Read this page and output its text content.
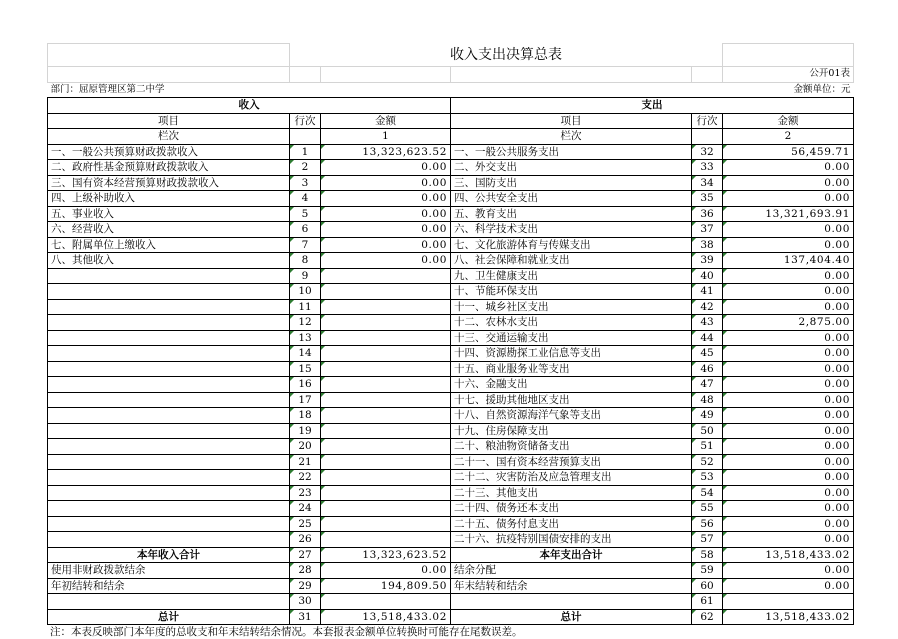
	收入支出决算总表				
					公开01表
部门：屈原管理区第二中学					金额单位：元
收入			支出		
项目	行次	金额	项目	行次	金额
栏次		1	栏次		2
一、一般公共预算财政拨款收入	1	13,323,623.52	一、一般公共服务支出	32	56,459.71
二、政府性基金预算财政拨款收入	2	0.00	二、外交支出	33	0.00
三、国有资本经营预算财政拨款收入	3	0.00	三、国防支出	34	0.00
四、上级补助收入	4	0.00	四、公共安全支出	35	0.00
五、事业收入	5	0.00	五、教育支出	36	13,321,693.91
六、经营收入	6	0.00	六、科学技术支出	37	0.00
七、附属单位上缴收入	7	0.00	七、文化旅游体育与传媒支出	38	0.00
八、其他收入	8	0.00	八、社会保障和就业支出	39	137,404.40
	9		九、卫生健康支出	40	0.00
	10		十、节能环保支出	41	0.00
	11		十一、城乡社区支出	42	0.00
	12		十二、农林水支出	43	2,875.00
	13		十三、交通运输支出	44	0.00
	14		十四、资源勘探工业信息等支出	45	0.00
	15		十五、商业服务业等支出	46	0.00
	16		十六、金融支出	47	0.00
	17		十七、援助其他地区支出	48	0.00
	18		十八、自然资源海洋气象等支出	49	0.00
	19		十九、住房保障支出	50	0.00
	20		二十、粮油物资储备支出	51	0.00
	21		二十一、国有资本经营预算支出	52	0.00
	22		二十二、灾害防治及应急管理支出	53	0.00
	23		二十三、其他支出	54	0.00
	24		二十四、债务还本支出	55	0.00
	25		二十五、债务付息支出	56	0.00
	26		二十六、抗疫特别国债安排的支出	57	0.00
本年收入合计	27	13,323,623.52	本年支出合计	58	13,518,433.02
使用非财政拨款结余	28	0.00	结余分配	59	0.00
年初结转和结余	29	194,809.50	年末结转和结余	60	0.00
	30			61	
总计	31	13,518,433.02	总计	62	13,518,433.02
注：本表反映部门本年度的总收支和年末结转结余情况。本套报表金额单位转换时可能存在尾数误差。
